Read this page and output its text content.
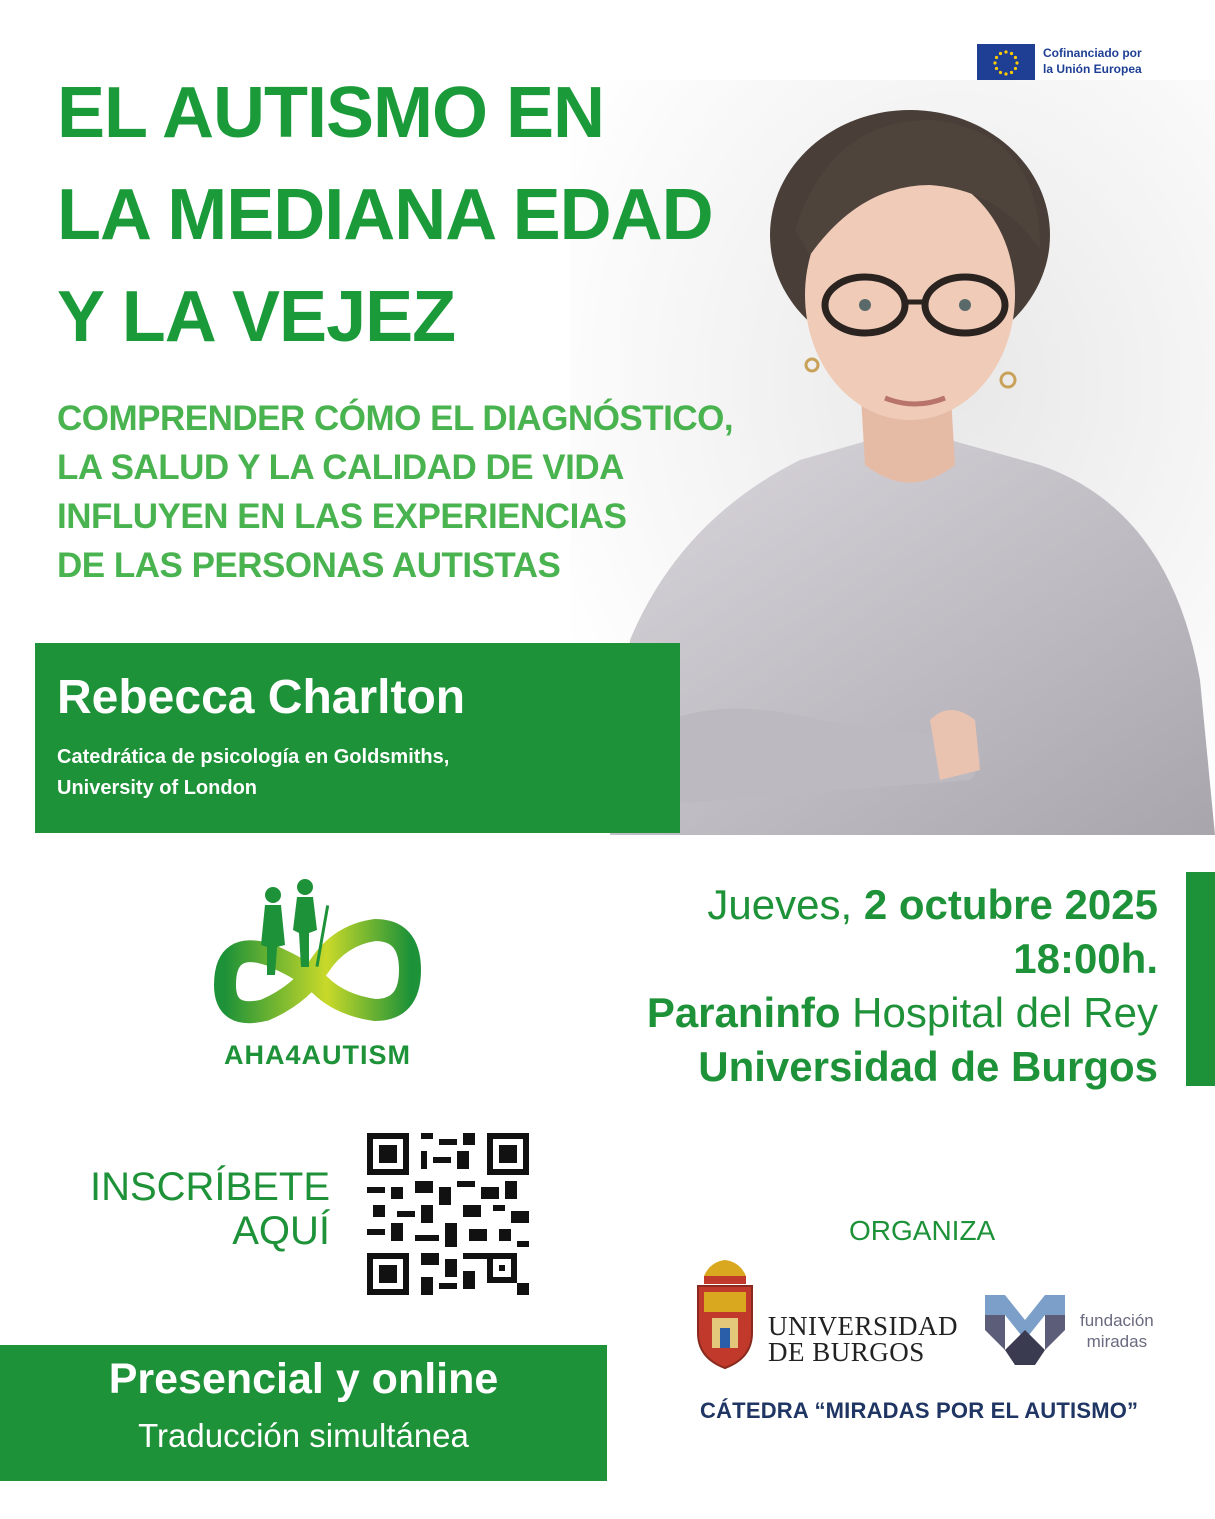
Cofinanciado por
la Unión Europea
EL AUTISMO EN
LA MEDIANA EDAD
Y LA VEJEZ
COMPRENDER CÓMO EL DIAGNÓSTICO,
LA SALUD Y LA CALIDAD DE VIDA
INFLUYEN EN LAS EXPERIENCIAS
DE LAS PERSONAS AUTISTAS
Rebecca Charlton
Catedrática de psicología en Goldsmiths,
University of London
AHA4AUTISM
Jueves, 2 octubre 2025
18:00h.
Paraninfo Hospital del Rey
Universidad de Burgos
INSCRÍBETE
AQUÍ
Presencial y online
Traducción simultánea
ORGANIZA
UNIVERSIDAD
DE BURGOS
fundación
miradas
CÁTEDRA “MIRADAS POR EL AUTISMO”
